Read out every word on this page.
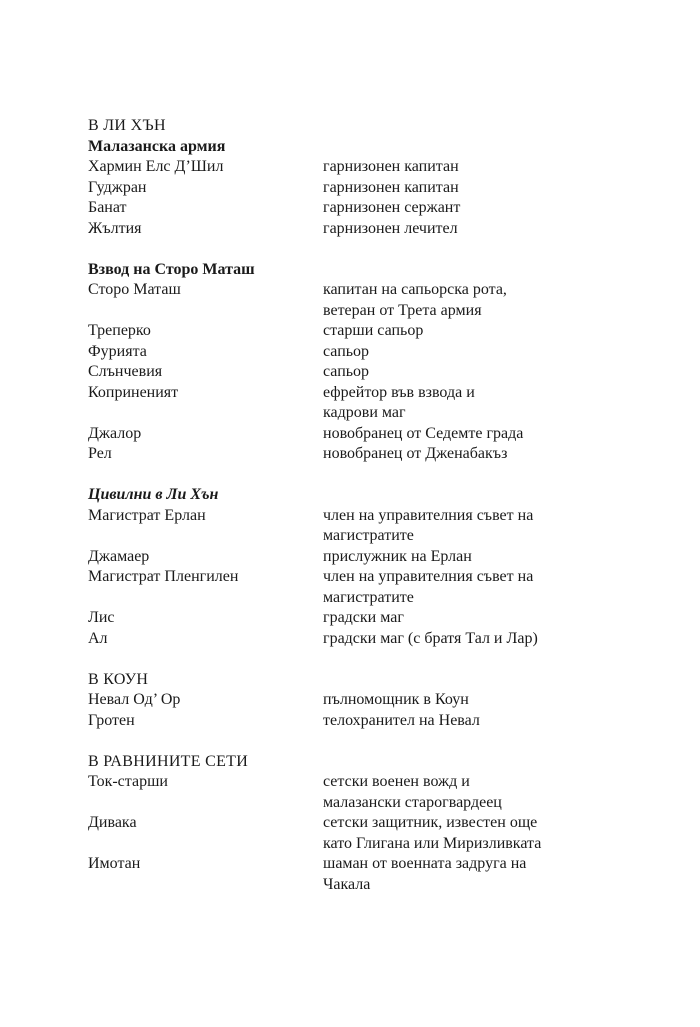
В ЛИ ХЪН
Малазанска армия
Хармин Елс Д’Шил	гарнизонен капитан
Гуджран	гарнизонен капитан
Банат	гарнизонен сержант
Жълтия	гарнизонен лечител
Взвод на Сторо Маташ
Сторо Маташ	капитан на сапьорска рота,
ветеран от Трета армия
Треперко	старши сапьор
Фурията	сапьор
Слънчевия	сапьор
Коприненият	ефрейтор във взвода и
кадрови маг
Джалор	новобранец от Седемте града
Рел	новобранец от Дженабакъз
Цивилни в Ли Хън
Магистрат Ерлан	член на управителния съвет на
магистратите
Джамаер	прислужник на Ерлан
Магистрат Пленгилен	член на управителния съвет на
магистратите
Лис	градски маг
Ал	градски маг (с братя Тал и Лар)
В КОУН
Невал Од’ Ор	пълномощник в Коун
Гротен	телохранител на Невал
В РАВНИНИТЕ СЕТИ
Ток-старши	сетски военен вожд и
малазански старогвардеец
Дивака	сетски защитник, известен още
като Глигана или Миризливката
Имотан	шаман от военната задруга на
Чакала
